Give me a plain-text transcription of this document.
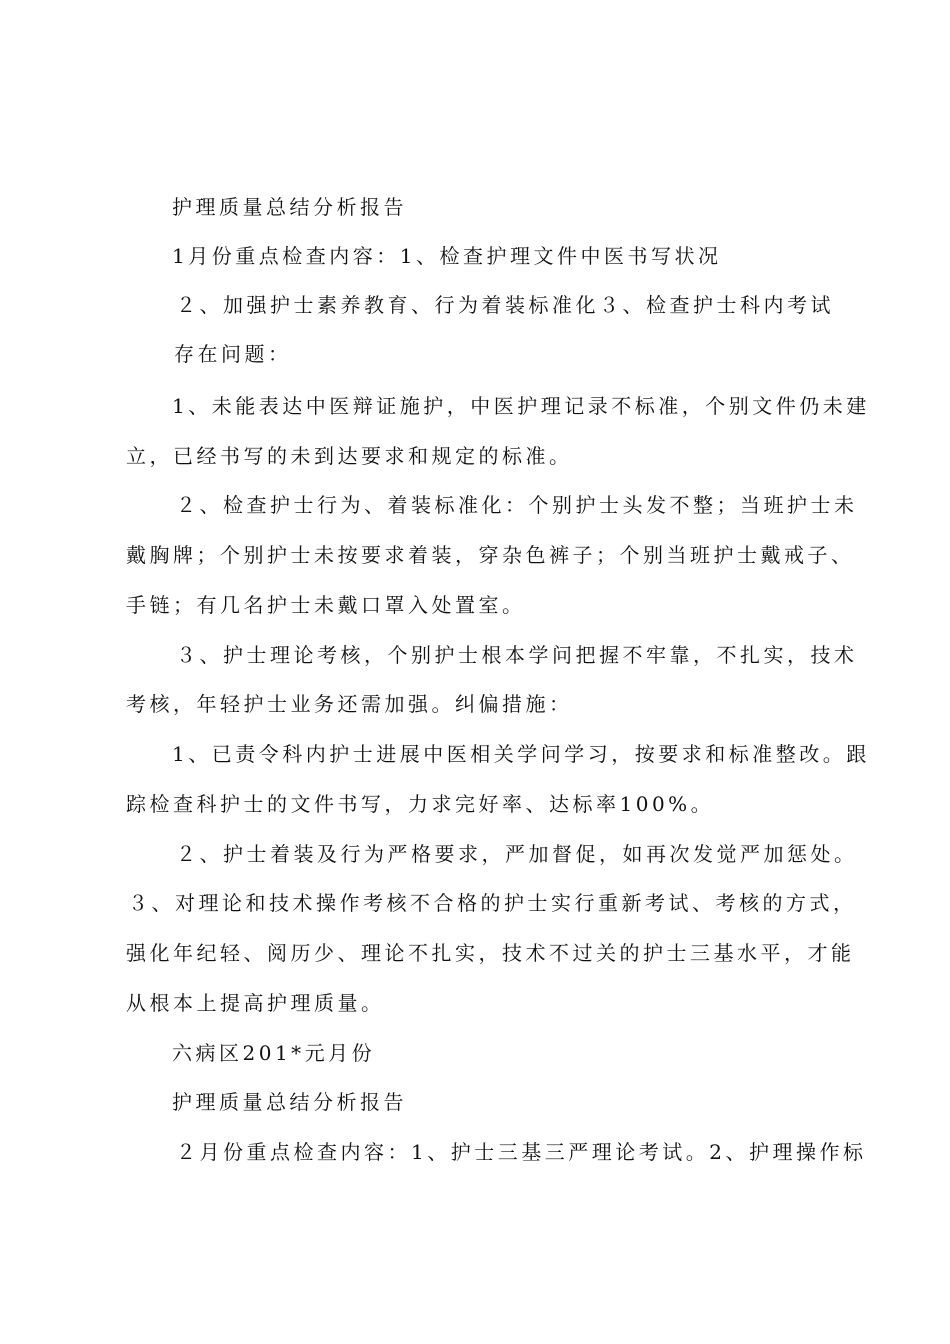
护理质量总结分析报告

1月份重点检查内容：1、检查护理文件中医书写状况

２、加强护士素养教育、行为着装标准化３、检查护士科内考试

存在问题：

1、未能表达中医辩证施护，中医护理记录不标准，个别文件仍未建

立，已经书写的未到达要求和规定的标准。

２、检查护士行为、着装标准化：个别护士头发不整；当班护士未

戴胸牌；个别护士未按要求着装，穿杂色裤子；个别当班护士戴戒子、

手链；有几名护士未戴口罩入处置室。

３、护士理论考核，个别护士根本学问把握不牢靠，不扎实，技术

考核，年轻护士业务还需加强。纠偏措施：

1、已责令科内护士进展中医相关学问学习，按要求和标准整改。跟

踪检查科护士的文件书写，力求完好率、达标率100%。

２、护士着装及行为严格要求，严加督促，如再次发觉严加惩处。

３、对理论和技术操作考核不合格的护士实行重新考试、考核的方式，

强化年纪轻、阅历少、理论不扎实，技术不过关的护士三基水平，才能

从根本上提高护理质量。

六病区201*元月份

护理质量总结分析报告

２月份重点检查内容：1、护士三基三严理论考试。2、护理操作标
